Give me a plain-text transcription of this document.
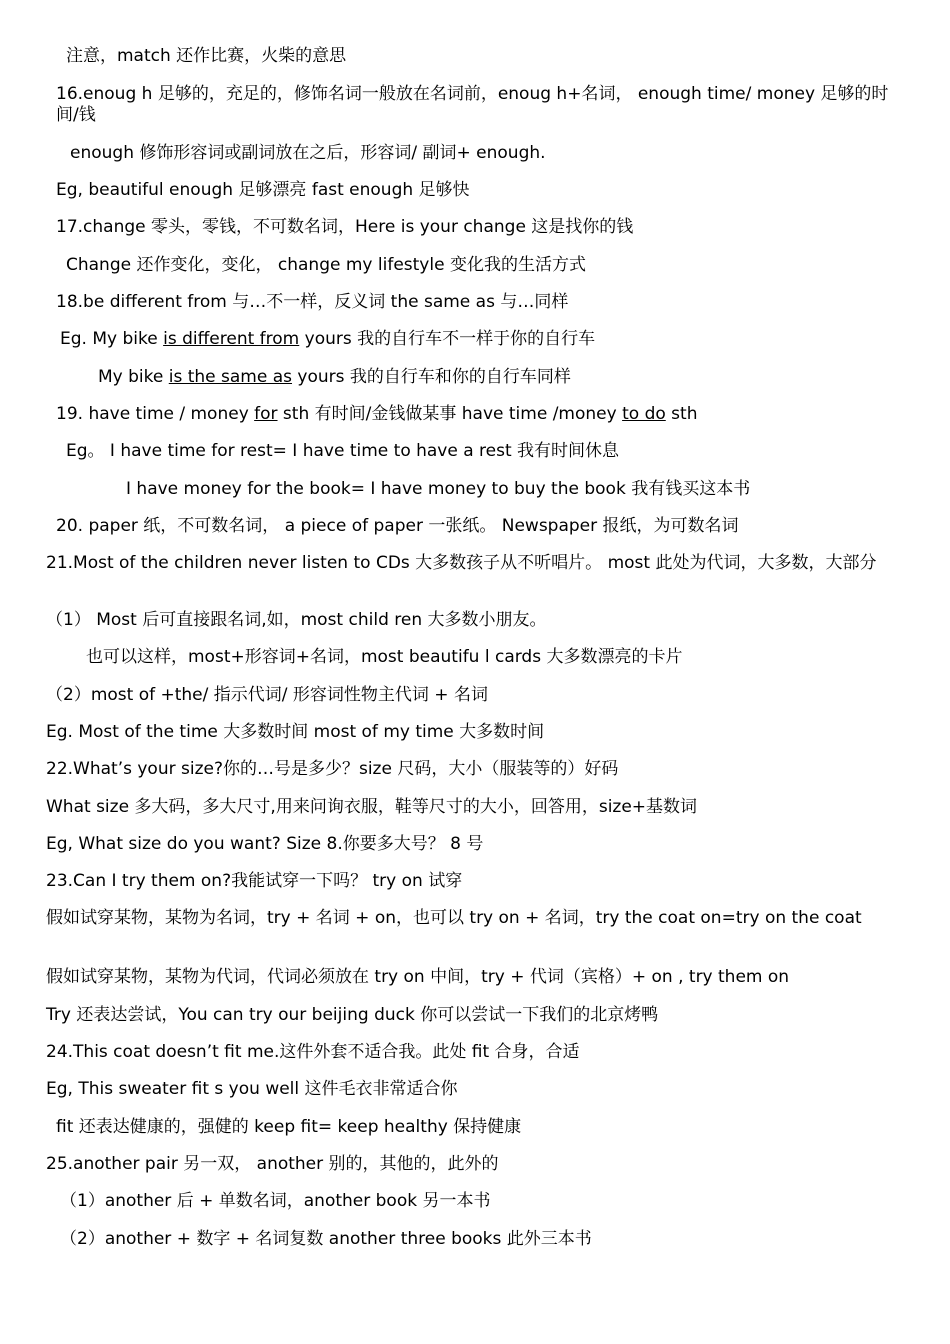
注意，match 还作比赛，火柴的意思
16.enoug h 足够的，充足的，修饰名词一般放在名词前，enoug h+名词， enough time/ money 足够的时间/钱
enough 修饰形容词或副词放在之后，形容词/ 副词+ enough.
Eg, beautiful enough 足够漂亮 fast enough 足够快
17.change 零头，零钱，不可数名词，Here is your change 这是找你的钱
Change 还作变化，变化， change my lifestyle 变化我的生活方式
18.be different from 与…不一样，反义词 the same as 与…同样
Eg. My bike is different from yours 我的自行车不一样于你的自行车
My bike is the same as yours 我的自行车和你的自行车同样
19. have time / money for sth 有时间/金钱做某事 have time /money to do sth
Eg。 I have time for rest= I have time to have a rest 我有时间休息
I have money for the book= I have money to buy the book 我有钱买这本书
20. paper 纸，不可数名词， a piece of paper 一张纸。 Newspaper 报纸，为可数名词
21.Most of the children never listen to CDs 大多数孩子从不听唱片。 most 此处为代词，大多数，大部分
（1） Most 后可直接跟名词,如，most child ren 大多数小朋友。
也可以这样，most+形容词+名词，most beautifu l cards 大多数漂亮的卡片
（2）most of +the/ 指示代词/ 形容词性物主代词 + 名词
Eg. Most of the time 大多数时间 most of my time 大多数时间
22.What’s your size?你的…号是多少？size 尺码，大小（服装等的）好码
What size 多大码，多大尺寸,用来问询衣服，鞋等尺寸的大小，回答用，size+基数词
Eg, What size do you want? Size 8.你要多大号？ 8 号
23.Can I try them on?我能试穿一下吗？ try on 试穿
假如试穿某物，某物为名词，try + 名词 + on，也可以 try on + 名词，try the coat on=try on the coat
假如试穿某物，某物为代词，代词必须放在 try on 中间，try + 代词（宾格）+ on , try them on
Try 还表达尝试，You can try our beijing duck 你可以尝试一下我们的北京烤鸭
24.This coat doesn’t fit me.这件外套不适合我。此处 fit 合身，合适
Eg, This sweater fit s you well 这件毛衣非常适合你
fit 还表达健康的，强健的 keep fit= keep healthy 保持健康
25.another pair 另一双， another 别的，其他的，此外的
（1）another 后 + 单数名词，another book 另一本书
（2）another + 数字 + 名词复数 another three books 此外三本书
